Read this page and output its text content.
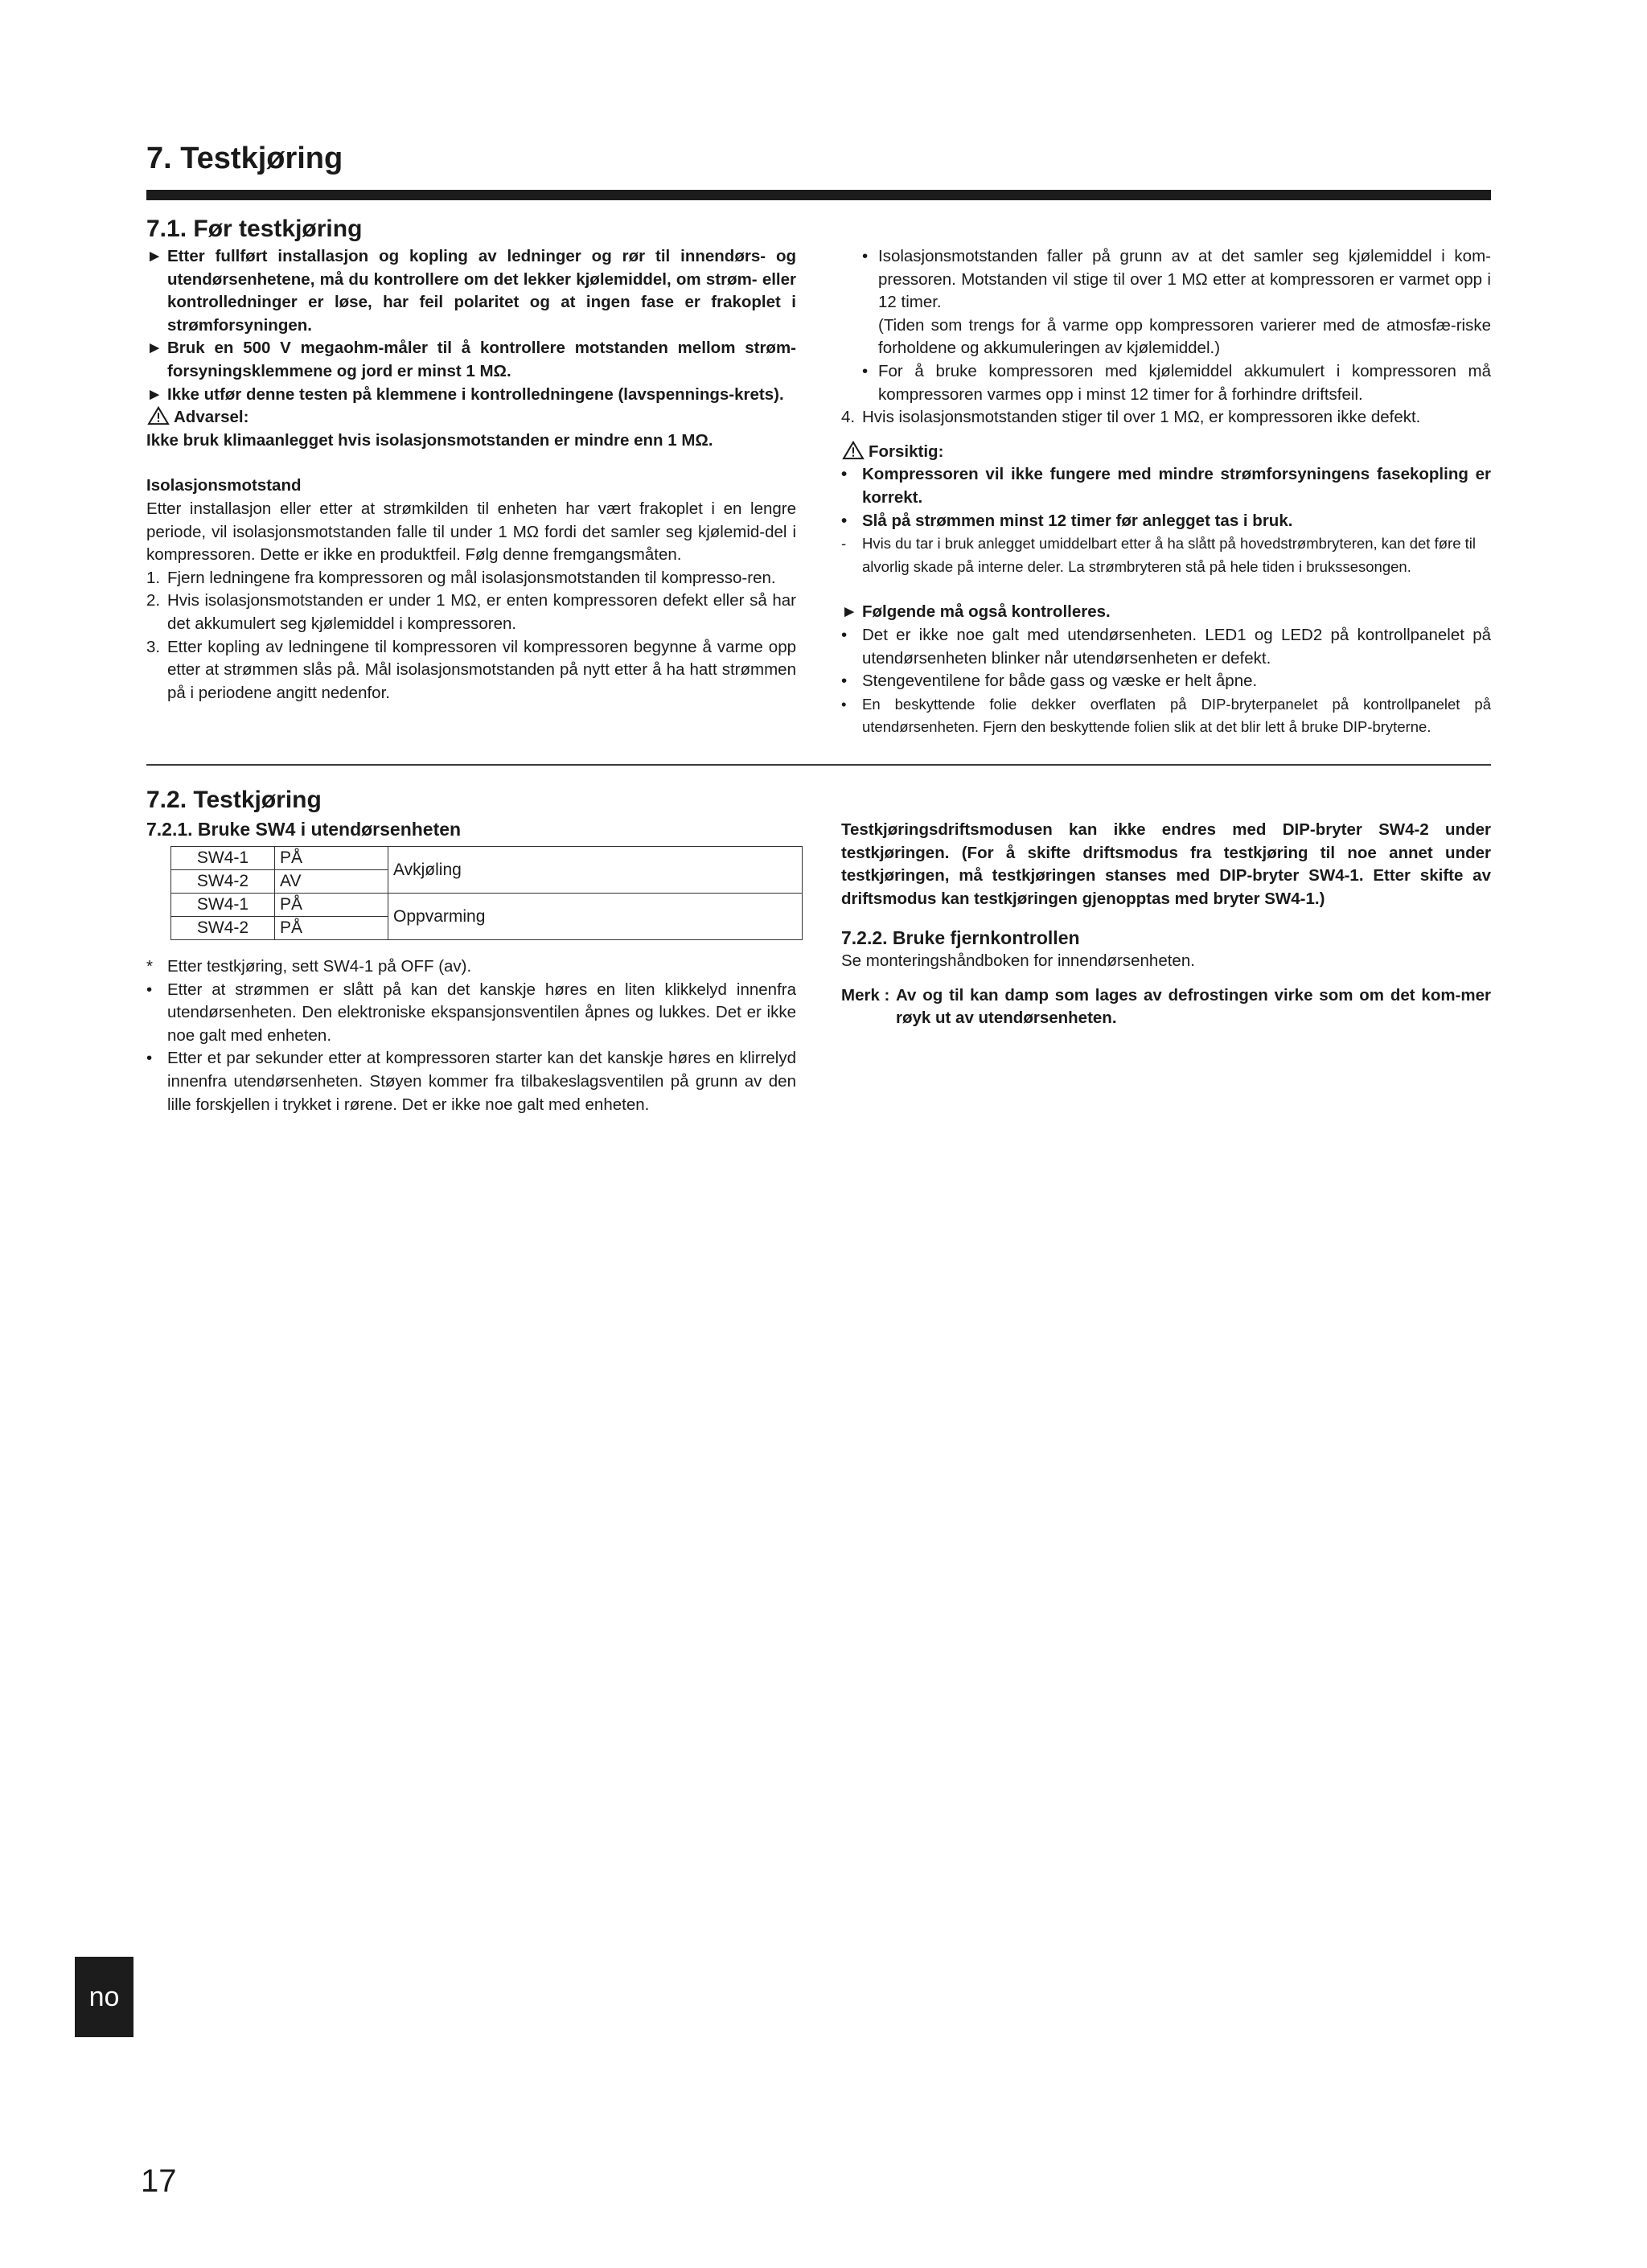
7. Testkjøring
7.1. Før testkjøring

► Etter fullført installasjon og kopling av ledninger og rør til innendørs- og utendørsenhetene, må du kontrollere om det lekker kjølemiddel, om strøm- eller kontrolledninger er løse, har feil polaritet og at ingen fase er frakoplet i strømforsyningen.

► Bruk en 500 V megaohm-måler til å kontrollere motstanden mellom strøm-forsyningsklemmene og jord er minst 1 MΩ.

► Ikke utfør denne testen på klemmene i kontrolledningene (lavspennings-krets).

Advarsel:

Ikke bruk klimaanlegget hvis isolasjonsmotstanden er mindre enn 1 MΩ.

Isolasjonsmotstand

Etter installasjon eller etter at strømkilden til enheten har vært frakoplet i en lengre periode, vil isolasjonsmotstanden falle til under 1 MΩ fordi det samler seg kjølemid-del i kompressoren. Dette er ikke en produktfeil. Følg denne fremgangsmåten.

1. Fjern ledningene fra kompressoren og mål isolasjonsmotstanden til kompresso-ren.

2. Hvis isolasjonsmotstanden er under 1 MΩ, er enten kompressoren defekt eller så har det akkumulert seg kjølemiddel i kompressoren.

3. Etter kopling av ledningene til kompressoren vil kompressoren begynne å varme opp etter at strømmen slås på. Mål isolasjonsmotstanden på nytt etter å ha hatt strømmen på i periodene angitt nedenfor.

• Isolasjonsmotstanden faller på grunn av at det samler seg kjølemiddel i kom-pressoren. Motstanden vil stige til over 1 MΩ etter at kompressoren er varmet opp i 12 timer.

(Tiden som trengs for å varme opp kompressoren varierer med de atmosfæ-riske forholdene og akkumuleringen av kjølemiddel.)

• For å bruke kompressoren med kjølemiddel akkumulert i kompressoren må kompressoren varmes opp i minst 12 timer for å forhindre driftsfeil.

4. Hvis isolasjonsmotstanden stiger til over 1 MΩ, er kompressoren ikke defekt.

Forsiktig:

• Kompressoren vil ikke fungere med mindre strømforsyningens fasekopling er korrekt.

• Slå på strømmen minst 12 timer før anlegget tas i bruk.

- Hvis du tar i bruk anlegget umiddelbart etter å ha slått på hovedstrømbryteren, kan det føre til alvorlig skade på interne deler. La strømbryteren stå på hele tiden i brukssesongen.

► Følgende må også kontrolleres.

• Det er ikke noe galt med utendørsenheten. LED1 og LED2 på kontrollpanelet på utendørsenheten blinker når utendørsenheten er defekt.

• Stengeventilene for både gass og væske er helt åpne.

• En beskyttende folie dekker overflaten på DIP-bryterpanelet på kontrollpanelet på utendørsenheten. Fjern den beskyttende folien slik at det blir lett å bruke DIP-bryterne.

7.2. Testkjøring
7.2.1. Bruke SW4 i utendørsenheten
SW4-1	PÅ	Avkjøling
SW4-2	AV	
SW4-1	PÅ	Oppvarming
SW4-2	PÅ	

* Etter testkjøring, sett SW4-1 på OFF (av).

• Etter at strømmen er slått på kan det kanskje høres en liten klikkelyd innenfra utendørsenheten. Den elektroniske ekspansjonsventilen åpnes og lukkes. Det er ikke noe galt med enheten.

• Etter et par sekunder etter at kompressoren starter kan det kanskje høres en klirrelyd innenfra utendørsenheten. Støyen kommer fra tilbakeslagsventilen på grunn av den lille forskjellen i trykket i rørene. Det er ikke noe galt med enheten.

Testkjøringsdriftsmodusen kan ikke endres med DIP-bryter SW4-2 under testkjøringen. (For å skifte driftsmodus fra testkjøring til noe annet under testkjøringen, må testkjøringen stanses med DIP-bryter SW4-1. Etter skifte av driftsmodus kan testkjøringen gjenopptas med bryter SW4-1.)

7.2.2. Bruke fjernkontrollen

Se monteringshåndboken for innendørsenheten.

Merk : Av og til kan damp som lages av defrostingen virke som om det kom-mer røyk ut av utendørsenheten.

no
17
